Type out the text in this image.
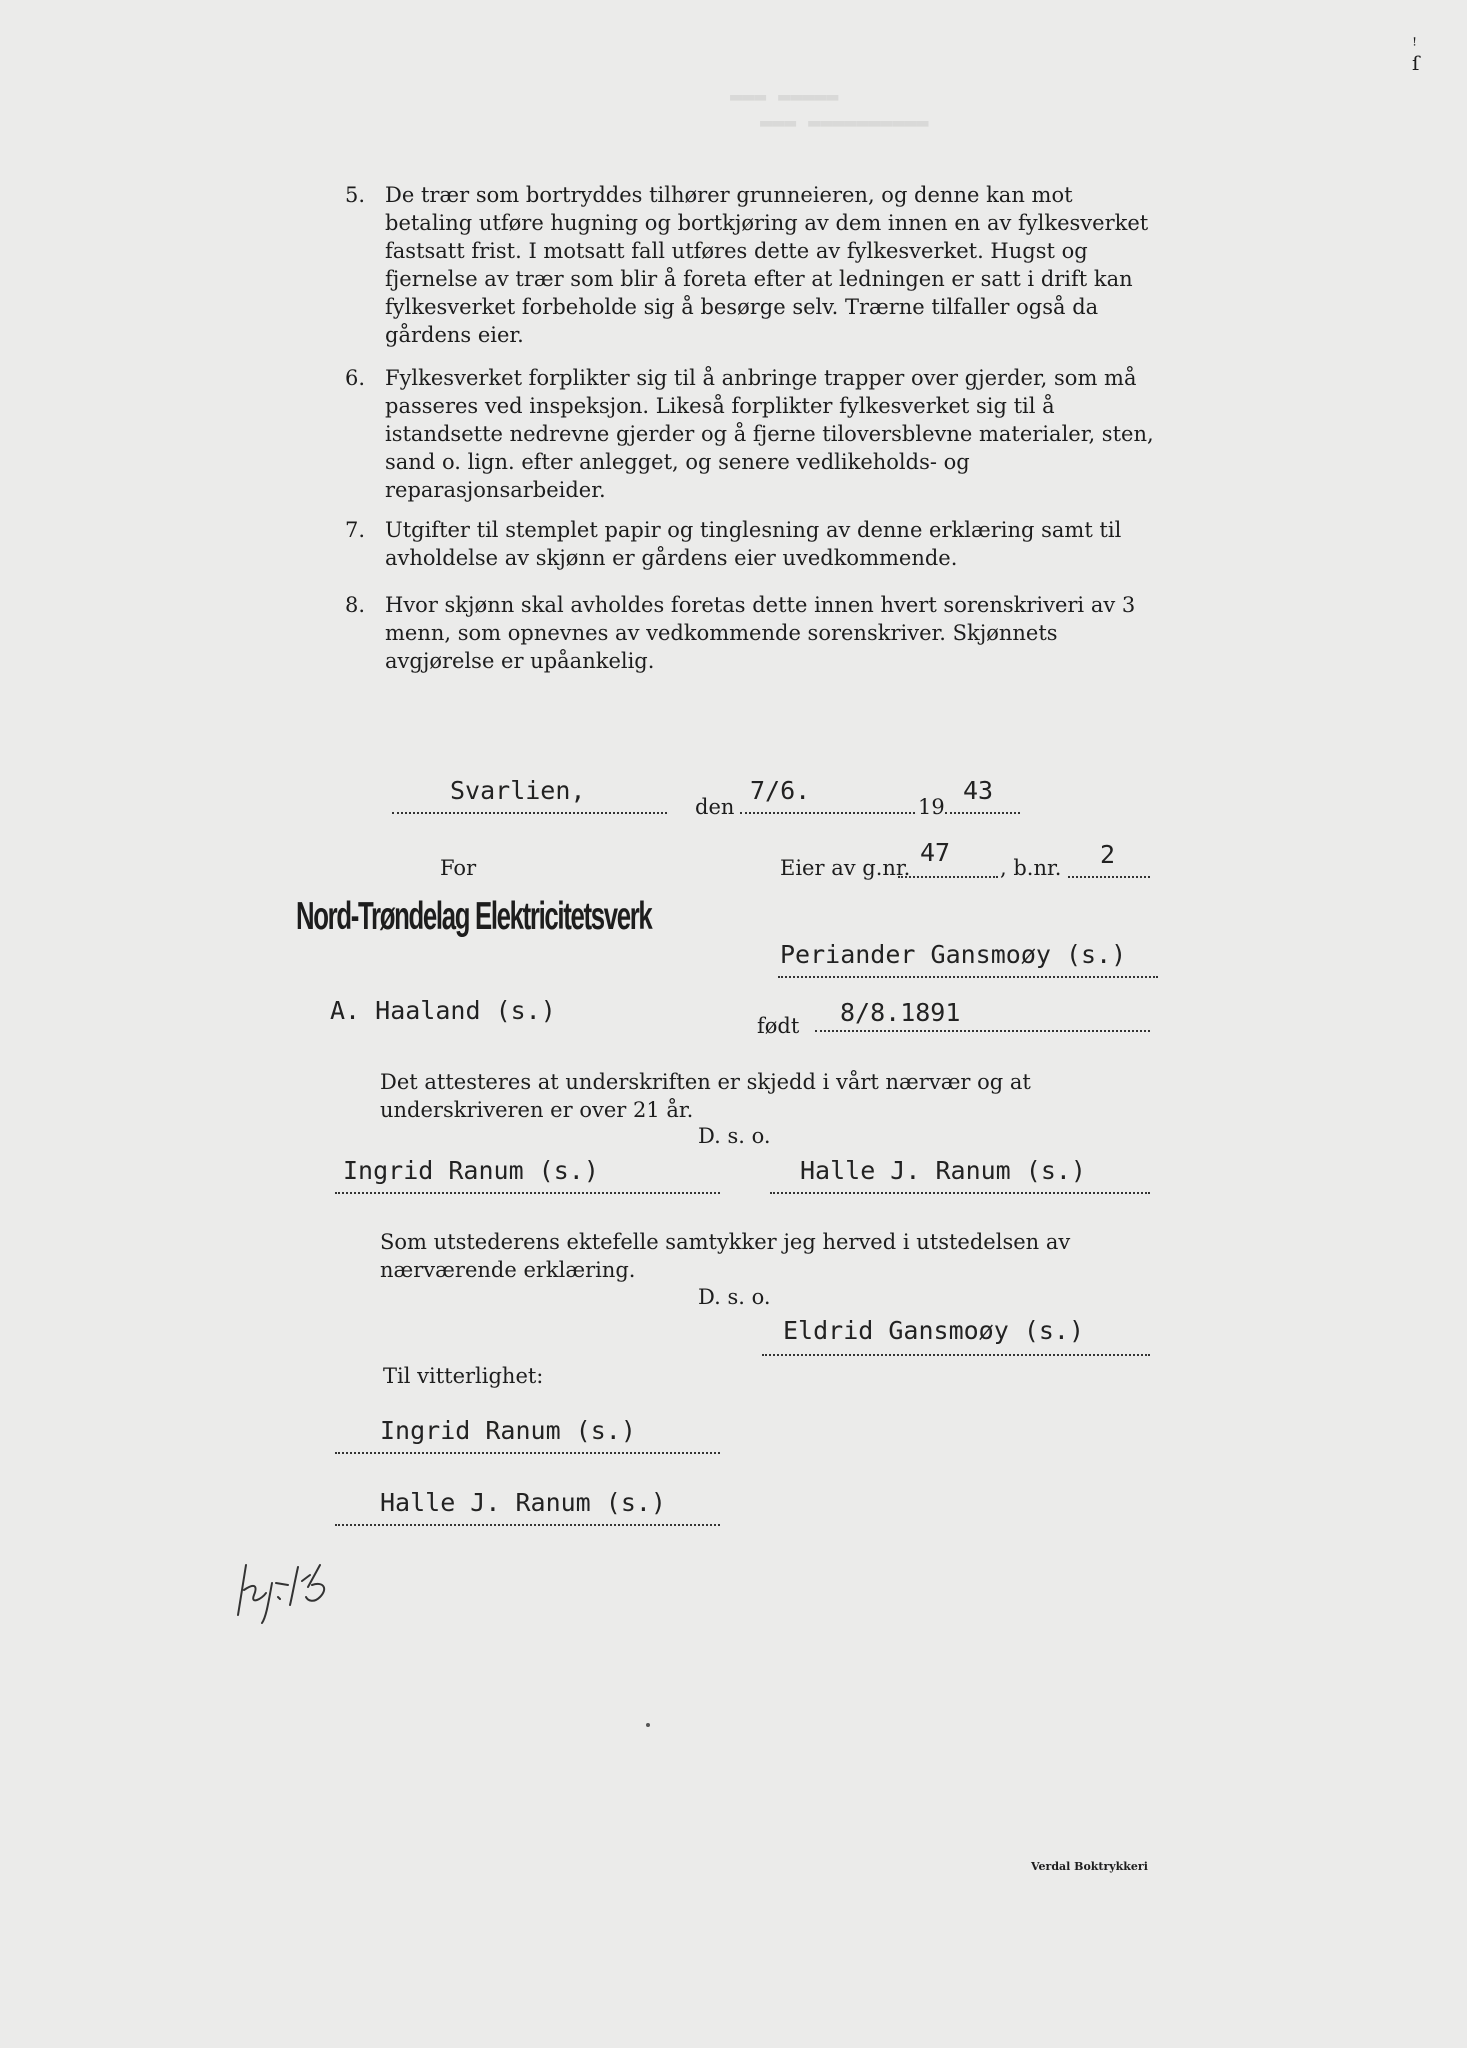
▬▬▬ ▬▬▬▬▬
▬▬▬ ▬▬▬▬▬▬▬▬▬▬
ꜝ
ſ
5. De trær som bortryddes tilhører grunneieren, og denne kan mot betaling utføre hugning og bortkjøring av dem innen en av fylkesverket fastsatt frist. I motsatt fall utføres dette av fylkesverket. Hugst og fjernelse av trær som blir å foreta efter at ledningen er satt i drift kan fylkesverket forbeholde sig å besørge selv. Trærne tilfaller også da gårdens eier.
6. Fylkesverket forplikter sig til å anbringe trapper over gjerder, som må passeres ved inspeksjon. Likeså forplikter fylkesverket sig til å istandsette nedrevne gjerder og å fjerne tiloversblevne materialer, sten, sand o. lign. efter anlegget, og senere vedlikeholds- og reparasjonsarbeider.
7. Utgifter til stemplet papir og tinglesning av denne erklæring samt til avholdelse av skjønn er gårdens eier uvedkommende.
8. Hvor skjønn skal avholdes foretas dette innen hvert sorenskriveri av 3 menn, som opnevnes av vedkommende sorenskriver. Skjønnets avgjørelse er upåankelig.
Svarlien,
den
7/6.
19
43
For	Eier av g.nr.
47
, b.nr. 2
Nord-Trøndelag Elektricitetsverk
Periander Gansmoøy (s.)
A. Haaland (s.)
født 8/8.1891
Det attesteres at underskriften er skjedd i vårt nærvær og at underskriveren er over 21 år.
D. s. o.
Ingrid Ranum (s.)	Halle J. Ranum (s.)
Som utstederens ektefelle samtykker jeg herved i utstedelsen av nærværende erklæring.
D. s. o.
Eldrid Gansmoøy (s.)
Til vitterlighet:
Ingrid Ranum (s.)
Halle J. Ranum (s.)
Verdal Boktrykkeri
